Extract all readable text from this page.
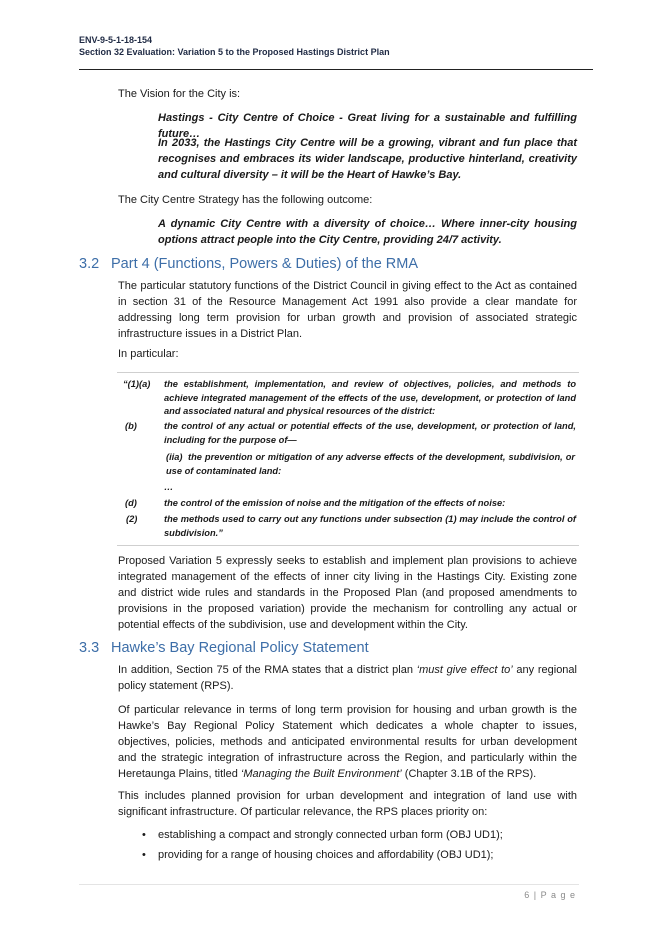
ENV-9-5-1-18-154
Section 32 Evaluation: Variation 5 to the Proposed Hastings District Plan

The Vision for the City is:

Hastings - City Centre of Choice - Great living for a sustainable and fulfilling future…

In 2033, the Hastings City Centre will be a growing, vibrant and fun place that recognises and embraces its wider landscape, productive hinterland, creativity and cultural diversity – it will be the Heart of Hawke’s Bay.

The City Centre Strategy has the following outcome:

A dynamic City Centre with a diversity of choice… Where inner-city housing options attract people into the City Centre, providing 24/7 activity.

3.2 Part 4 (Functions, Powers & Duties) of the RMA

The particular statutory functions of the District Council in giving effect to the Act as contained in section 31 of the Resource Management Act 1991 also provide a clear mandate for addressing long term provision for urban growth and provision of associated strategic infrastructure issues in a District Plan.

In particular:

“(1)(a) the establishment, implementation, and review of objectives, policies, and methods to achieve integrated management of the effects of the use, development, or protection of land and associated natural and physical resources of the district:
(b)	the control of any actual or potential effects of the use, development, or protection of land, including for the purpose of—
(iia) the prevention or mitigation of any adverse effects of the development, subdivision, or use of contaminated land:
…
(d)	the control of the emission of noise and the mitigation of the effects of noise:
(2)	the methods used to carry out any functions under subsection (1) may include the control of subdivision.”

Proposed Variation 5 expressly seeks to establish and implement plan provisions to achieve integrated management of the effects of inner city living in the Hastings City. Existing zone and district wide rules and standards in the Proposed Plan (and proposed amendments to provisions in the proposed variation) provide the mechanism for controlling any actual or potential effects of the subdivision, use and development within the City.

3.3 Hawke’s Bay Regional Policy Statement

In addition, Section 75 of the RMA states that a district plan ‘must give effect to’ any regional policy statement (RPS).

Of particular relevance in terms of long term provision for housing and urban growth is the Hawke’s Bay Regional Policy Statement which dedicates a whole chapter to issues, objectives, policies, methods and anticipated environmental results for urban development and the strategic integration of infrastructure across the Region, and particularly within the Heretaunga Plains, titled ‘Managing the Built Environment’ (Chapter 3.1B of the RPS).

This includes planned provision for urban development and integration of land use with significant infrastructure. Of particular relevance, the RPS places priority on:

• establishing a compact and strongly connected urban form (OBJ UD1);
• providing for a range of housing choices and affordability (OBJ UD1);
6 | P a g e
